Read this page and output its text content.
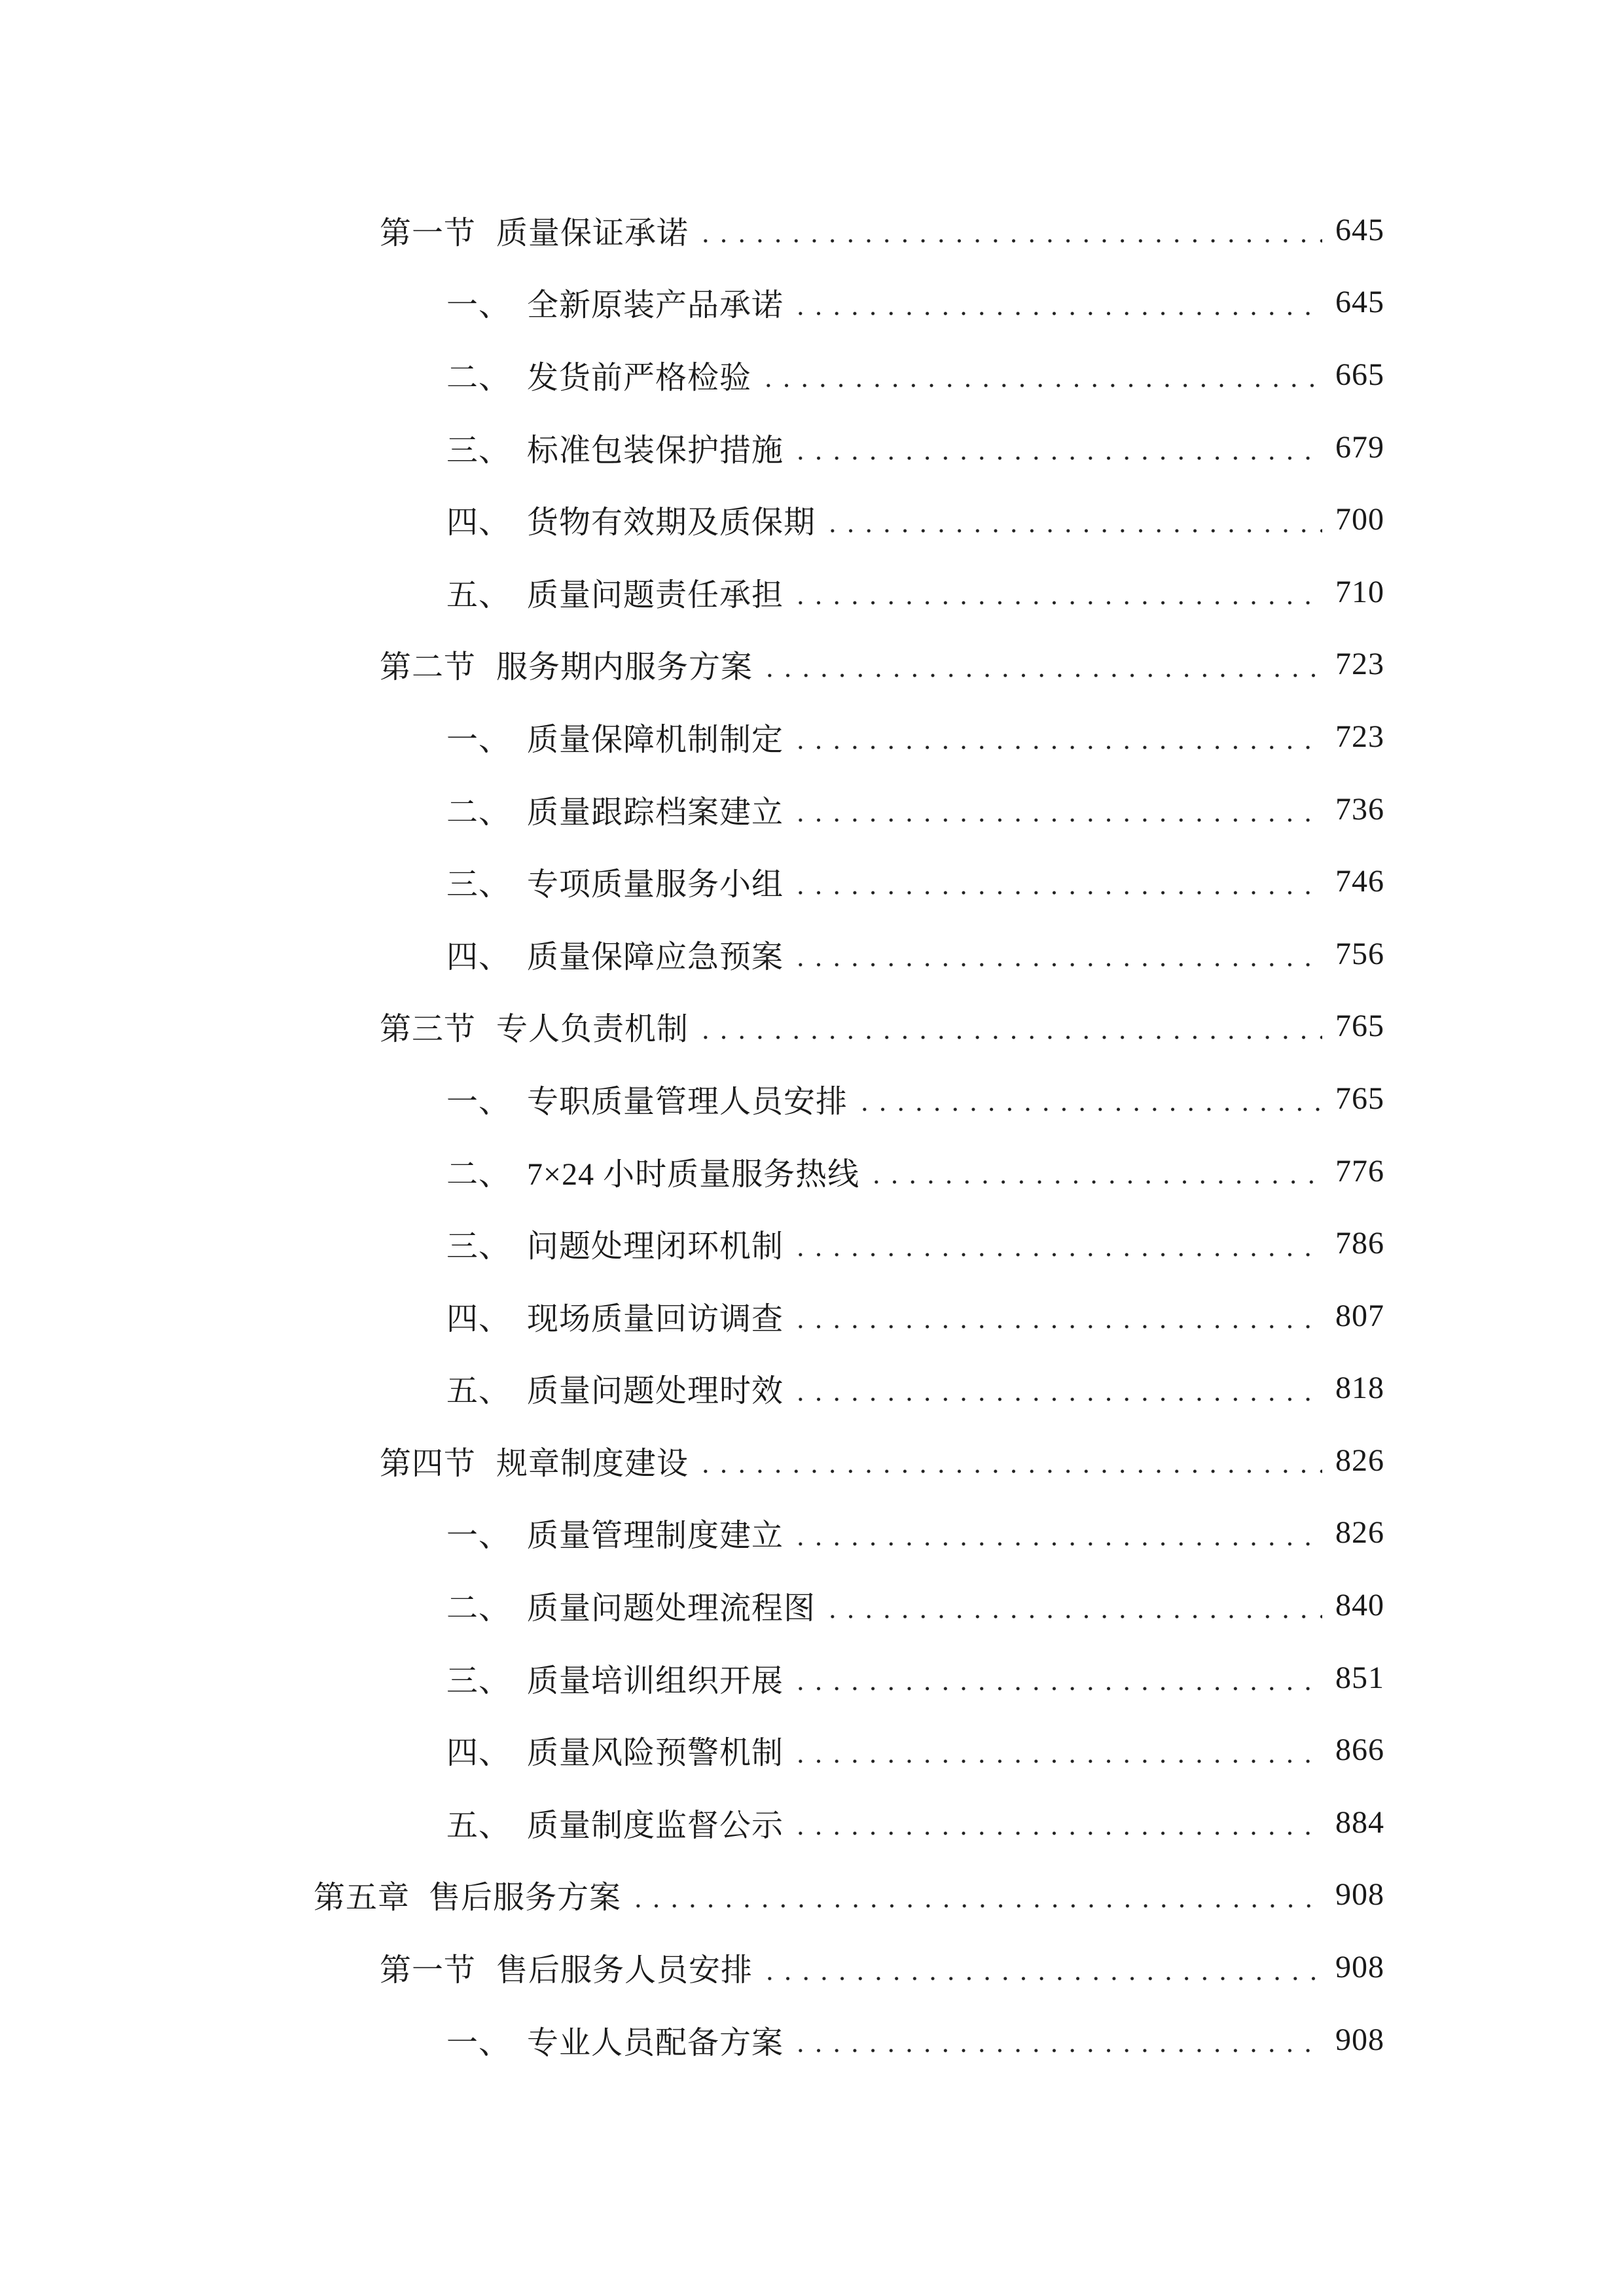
第一节 质量保证承诺	645
一、 全新原装产品承诺	645
二、 发货前严格检验	665
三、 标准包装保护措施	679
四、 货物有效期及质保期	700
五、 质量问题责任承担	710
第二节 服务期内服务方案	723
一、 质量保障机制制定	723
二、 质量跟踪档案建立	736
三、 专项质量服务小组	746
四、 质量保障应急预案	756
第三节 专人负责机制	765
一、 专职质量管理人员安排	765
二、 7×24 小时质量服务热线	776
三、 问题处理闭环机制	786
四、 现场质量回访调查	807
五、 质量问题处理时效	818
第四节 规章制度建设	826
一、 质量管理制度建立	826
二、 质量问题处理流程图	840
三、 质量培训组织开展	851
四、 质量风险预警机制	866
五、 质量制度监督公示	884
第五章 售后服务方案	908
第一节 售后服务人员安排	908
一、 专业人员配备方案	908
